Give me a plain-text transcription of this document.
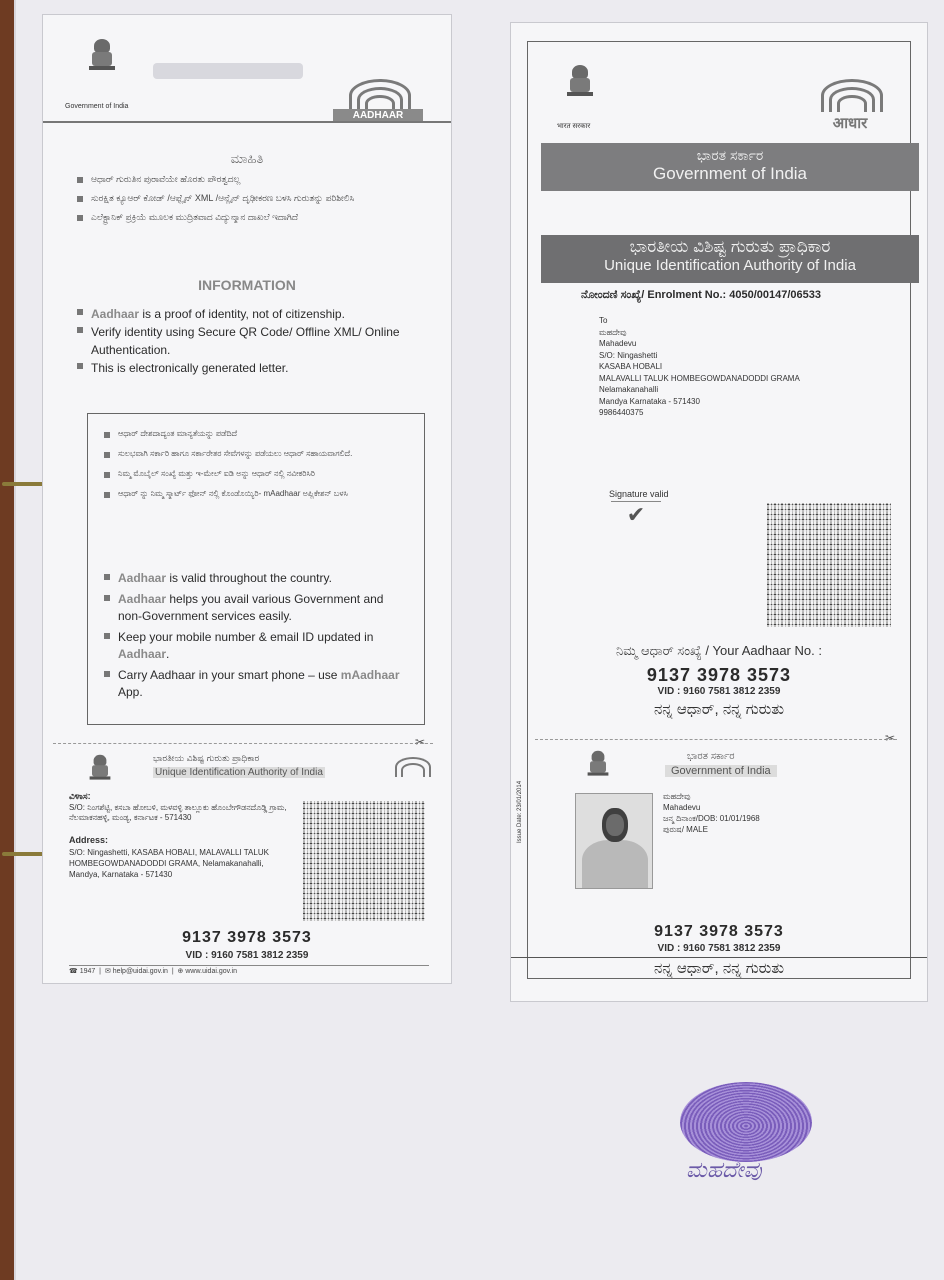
Government of India
AADHAAR
ಮಾಹಿತಿ
ಆಧಾರ್ ಗುರುತಿನ ಪುರಾವೆಯೇ ಹೊರತು ಪೌರತ್ವದಲ್ಲ
ಸುರಕ್ಷಿತ ಕ್ಯೂಆರ್ ಕೋಡ್ /ಆಫ್ಲೈನ್ XML /ಆನ್ಲೈನ್ ದೃಢೀಕರಣ ಬಳಸಿ ಗುರುತನ್ನು ಪರಿಶೀಲಿಸಿ
ಎಲೆಕ್ಟ್ರಾನಿಕ್ ಪ್ರಕ್ರಿಯೆ ಮೂಲಕ ಮುದ್ರಿತವಾದ ವಿದ್ಯುನ್ಮಾನ ದಾಖಲೆ ಇದಾಗಿದೆ
INFORMATION
Aadhaar is a proof of identity, not of citizenship.
Verify identity using Secure QR Code/ Offline XML/ Online Authentication.
This is electronically generated letter.
ಆಧಾರ್ ದೇಶದಾದ್ಯಂತ ಮಾನ್ಯತೆಯನ್ನು ಪಡೆದಿದೆ
ಸುಲಭವಾಗಿ ಸರ್ಕಾರಿ ಹಾಗೂ ಸರ್ಕಾರೇತರ ಸೇವೆಗಳನ್ನು ಪಡೆಯಲು ಆಧಾರ್ ಸಹಾಯವಾಗಲಿದೆ.
ನಿಮ್ಮ ಮೊಬೈಲ್ ಸಂಖ್ಯೆ ಮತ್ತು ಇ-ಮೇಲ್ ಐಡಿ ಅನ್ನು ಆಧಾರ್ ನಲ್ಲಿ ನವೀಕರಿಸಿರಿ
ಆಧಾರ್ ನ್ನು ನಿಮ್ಮ ಸ್ಮಾರ್ಟ್ ಫೋನ್ ನಲ್ಲಿ ಕೊಂಡೊಯ್ಯಿರಿ- mAadhaar ಅಪ್ಲಿಕೇಶನ್ ಬಳಸಿ
Aadhaar is valid throughout the country.
Aadhaar helps you avail various Government and non-Government services easily.
Keep your mobile number & email ID updated in Aadhaar.
Carry Aadhaar in your smart phone – use mAadhaar App.
✂
ಭಾರತೀಯ ವಿಶಿಷ್ಟ ಗುರುತು ಪ್ರಾಧಿಕಾರ
Unique Identification Authority of India
ವಿಳಾಸ:
S/O: ನಿಂಗಶೆಟ್ಟಿ, ಕಸಬಾ ಹೋಬಳಿ, ಮಳವಳ್ಳಿ ತಾಲ್ಲೂಕು ಹೊಂಬೇಗೌಡನದೊಡ್ಡಿ ಗ್ರಾಮ, ನೆಲಮಾಕನಹಳ್ಳಿ, ಮಂಡ್ಯ, ಕರ್ನಾಟಕ - 571430
Address:
S/O: Ningashetti, KASABA HOBALI, MALAVALLI TALUK HOMBEGOWDANADODDI GRAMA, Nelamakanahalli, Mandya, Karnataka - 571430
9137 3978 3573
VID : 9160 7581 3812 2359
☎ 1947  |  ✉ help@uidai.gov.in  |  ⊕ www.uidai.gov.in
भारत सरकार	आधार
ಭಾರತ ಸರ್ಕಾರ
Government of India
ಭಾರತೀಯ ವಿಶಿಷ್ಟ ಗುರುತು ಪ್ರಾಧಿಕಾರ
Unique Identification Authority of India
ನೋಂದಣಿ ಸಂಖ್ಯೆ/ Enrolment No.: 4050/00147/06533
To
ಮಹದೇವು
Mahadevu
S/O: Ningashetti
KASABA HOBALI
MALAVALLI TALUK HOMBEGOWDANADODDI GRAMA
Nelamakanahalli
Mandya Karnataka - 571430
9986440375
Signature valid
✔
ನಿಮ್ಮ ಆಧಾರ್ ಸಂಖ್ಯೆ / Your Aadhaar No. :
9137 3978 3573
VID : 9160 7581 3812 2359
ನನ್ನ ಆಧಾರ್, ನನ್ನ ಗುರುತು
✂
ಭಾರತ ಸರ್ಕಾರ
Government of India
Issue Date: 23/01/2014	ಮಹದೇವು
Mahadevu
ಜನ್ಮ ದಿನಾಂಕ/DOB: 01/01/1968
ಪುರುಷ/ MALE
9137 3978 3573
VID : 9160 7581 3812 2359
ನನ್ನ ಆಧಾರ್, ನನ್ನ ಗುರುತು
ಮಹದೇವು
